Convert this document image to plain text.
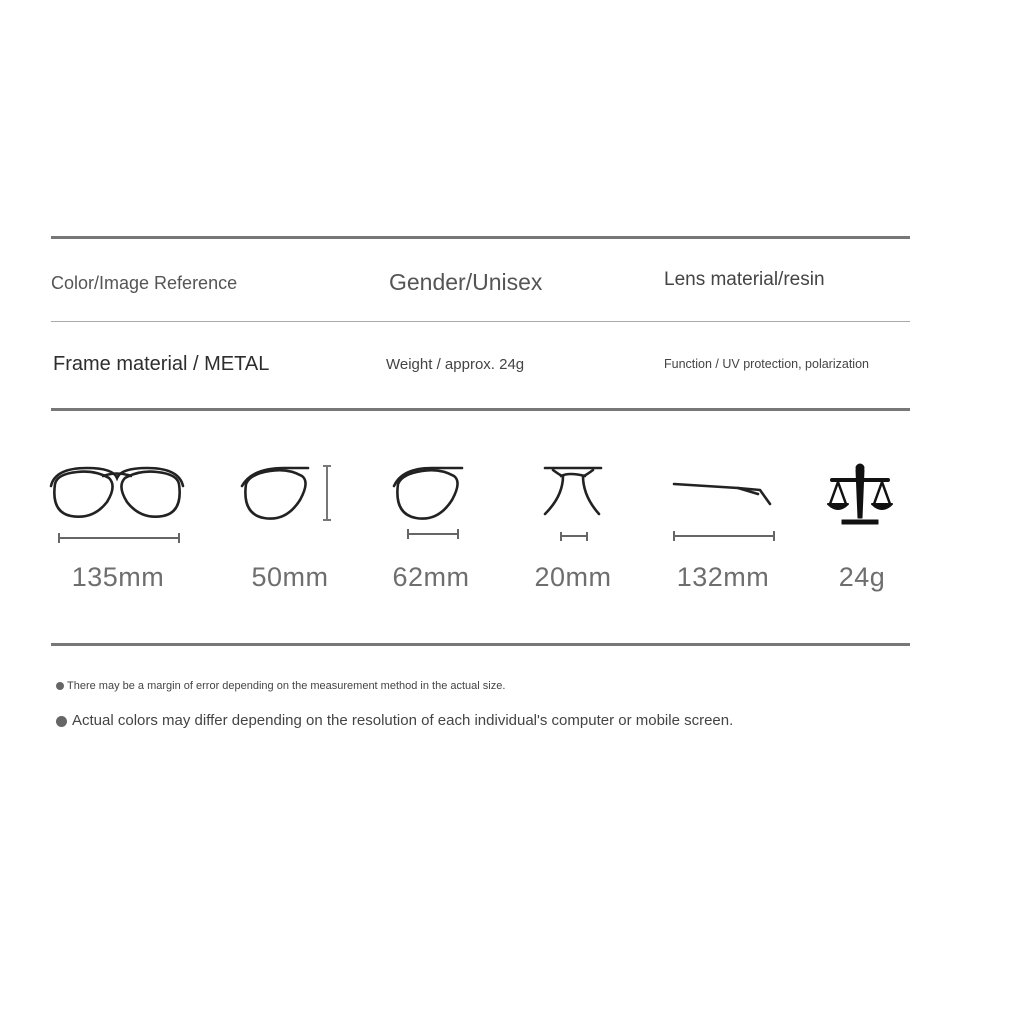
Color/Image Reference	Gender/Unisex	Lens material/resin
Frame material / METAL	Weight / approx. 24g	Function / UV protection, polarization
135mm	50mm	62mm	20mm	132mm	24g
There may be a margin of error depending on the measurement method in the actual size.
Actual colors may differ depending on the resolution of each individual's computer or mobile screen.
